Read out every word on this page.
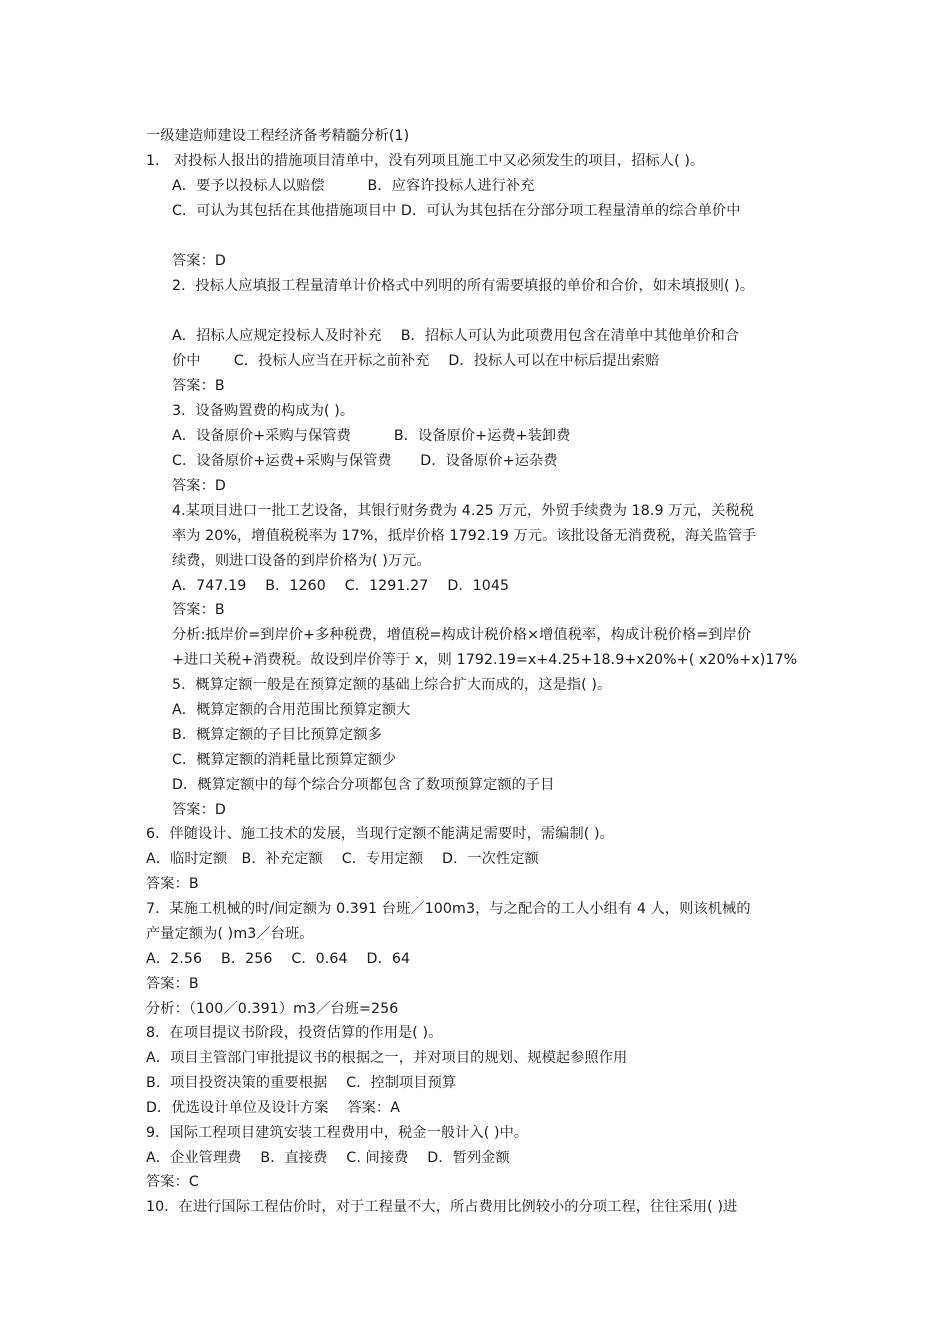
一级建造师建设工程经济备考精髓分析(1)
1． 对投标人报出的措施项目清单中，没有列项且施工中又必须发生的项目，招标人( )。
A．要予以投标人以赔偿　　　B．应容许投标人进行补充
C．可认为其包括在其他措施项目中 D．可认为其包括在分部分项工程量清单的综合单价中
答案：D
2．投标人应填报工程量清单计价格式中列明的所有需要填报的单价和合价，如未填报则( )。
A．招标人应规定投标人及时补充　 B．招标人可认为此项费用包含在清单中其他单价和合
价中　　 C．投标人应当在开标之前补充　 D．投标人可以在中标后提出索赔
答案：B
3．设备购置费的构成为( )。
A．设备原价+采购与保管费　　　B．设备原价+运费+装卸费
C．设备原价+运费+采购与保管费　　D．设备原价+运杂费
答案：D
4.某项目进口一批工艺设备，其银行财务费为 4.25 万元，外贸手续费为 18.9 万元，关税税
率为 20%，增值税税率为 17%，抵岸价格 1792.19 万元。该批设备无消费税，海关监管手
续费，则进口设备的到岸价格为( )万元。
A．747.19　 B．1260　 C．1291.27　 D．1045
答案：B
分析:抵岸价=到岸价+多种税费，增值税=构成计税价格×增值税率，构成计税价格=到岸价
+进口关税+消费税。故设到岸价等于 x，则 1792.19=x+4.25+18.9+x20%+( x20%+x)17%
5．概算定额一般是在预算定额的基础上综合扩大而成的，这是指( )。
A．概算定额的合用范围比预算定额大
B．概算定额的子目比预算定额多
C．概算定额的消耗量比预算定额少
D．概算定额中的每个综合分项都包含了数项预算定额的子目
答案：D
6．伴随设计、施工技术的发展，当现行定额不能满足需要时，需编制( )。
A．临时定额　B．补充定额　 C．专用定额　 D．一次性定额
答案：B
7．某施工机械的时/间定额为 0.391 台班／100m3，与之配合的工人小组有 4 人，则该机械的
产量定额为( )m3／台班。
A．2.56　 B．256　 C．0.64　 D．64
答案：B
分析：（100／0.391）m3／台班=256
8．在项目提议书阶段，投资估算的作用是( )。
A．项目主管部门审批提议书的根据之一，并对项目的规划、规模起参照作用
B．项目投资决策的重要根据　 C．控制项目预算
D．优选设计单位及设计方案　 答案：A
9．国际工程项目建筑安装工程费用中，税金一般计入( )中。
A．企业管理费　 B．直接费　 C. 间接费　 D．暂列金额
答案：C
10．在进行国际工程估价时，对于工程量不大，所占费用比例较小的分项工程，往往采用( )进
